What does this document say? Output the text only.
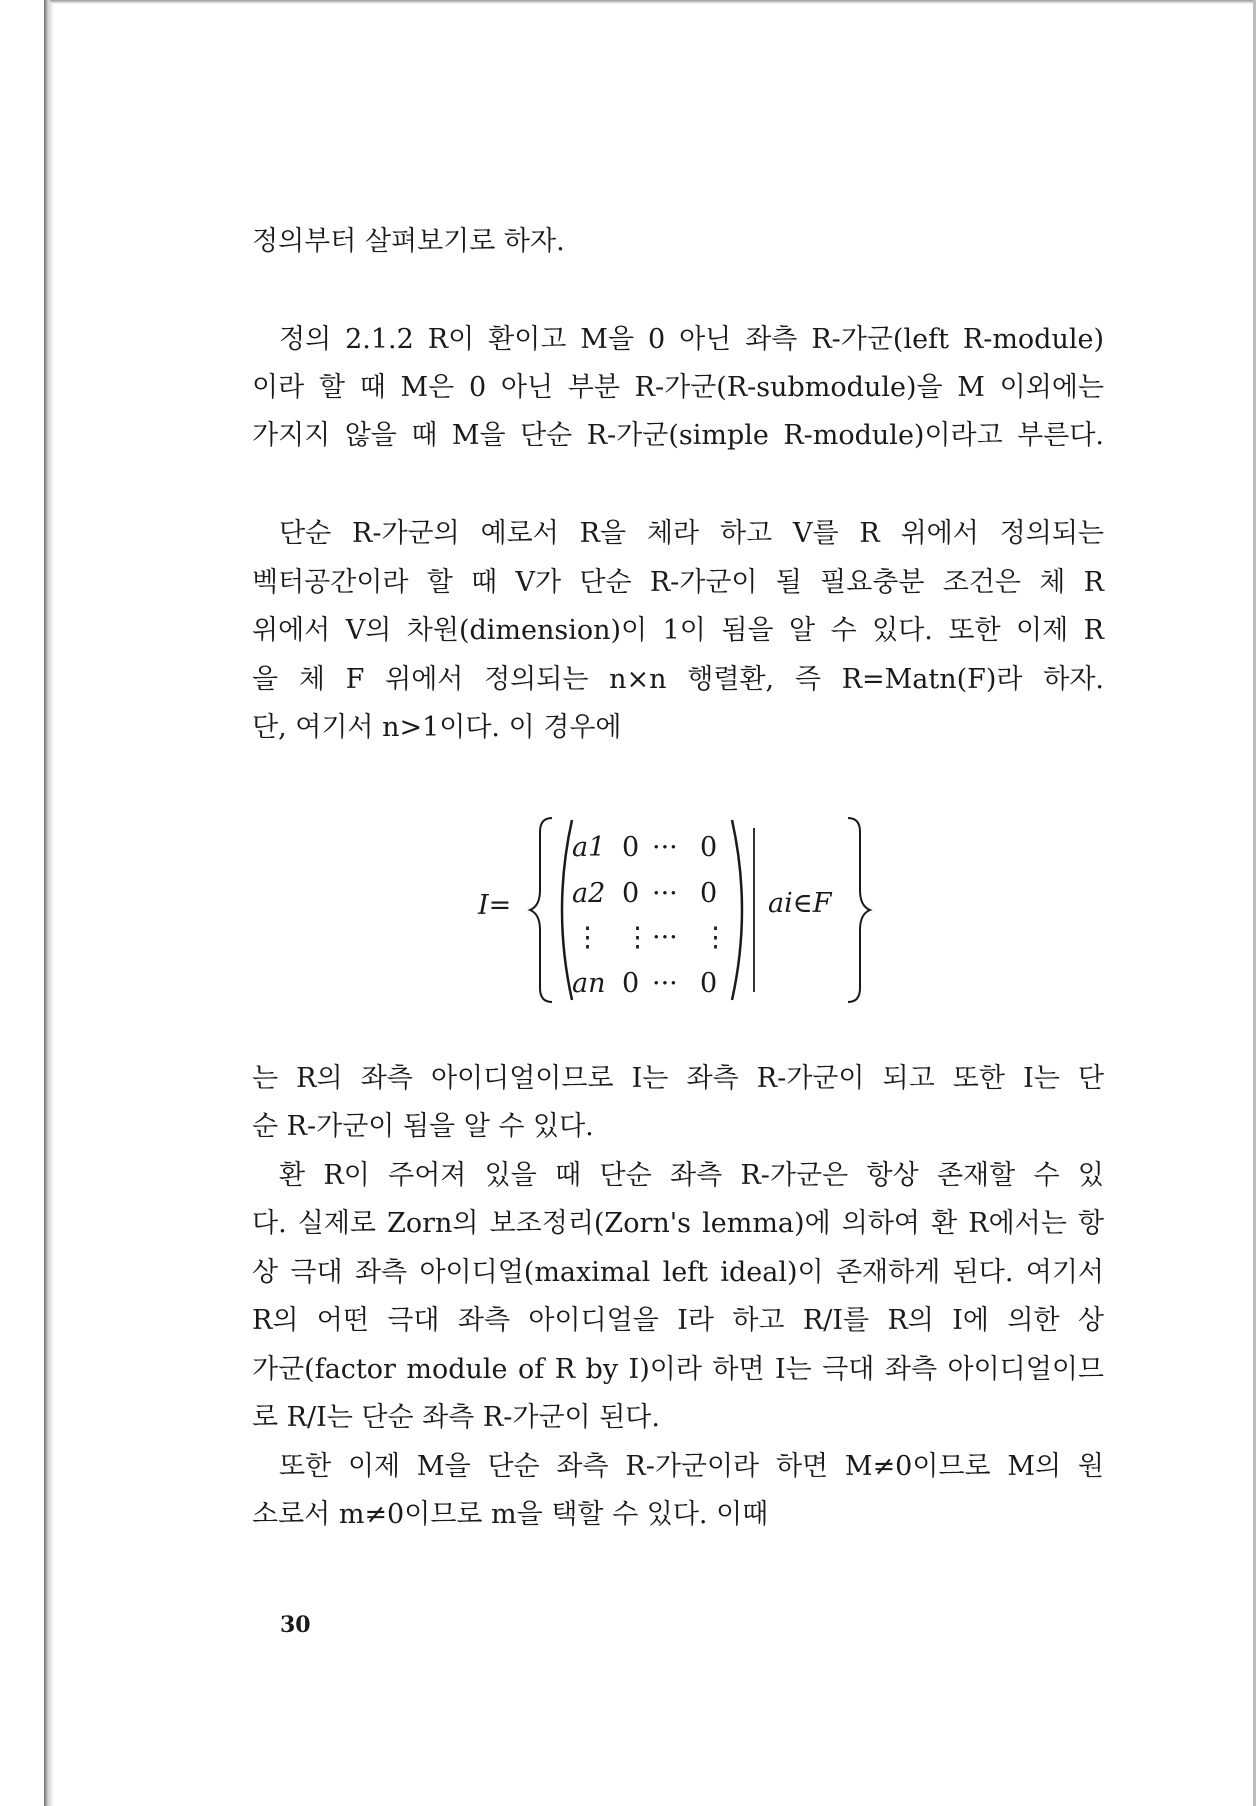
정의부터 살펴보기로 하자.
정의 2.1.2 R이 환이고 M을 0 아닌 좌측 R-가군(left R-module)
이라 할 때 M은 0 아닌 부분 R-가군(R-submodule)을 M 이외에는
가지지 않을 때 M을 단순 R-가군(simple R-module)이라고 부른다.
단순 R-가군의 예로서 R을 체라 하고 V를 R 위에서 정의되는
벡터공간이라 할 때 V가 단순 R-가군이 될 필요충분 조건은 체 R
위에서 V의 차원(dimension)이 1이 됨을 알 수 있다. 또한 이제 R
을 체 F 위에서 정의되는 n×n 행렬환, 즉 R=Matn(F)라 하자.
단, 여기서 n>1이다. 이 경우에
는 R의 좌측 아이디얼이므로 I는 좌측 R-가군이 되고 또한 I는 단
순 R-가군이 됨을 알 수 있다.
환 R이 주어져 있을 때 단순 좌측 R-가군은 항상 존재할 수 있
다. 실제로 Zorn의 보조정리(Zorn's lemma)에 의하여 환 R에서는 항
상 극대 좌측 아이디얼(maximal left ideal)이 존재하게 된다. 여기서
R의 어떤 극대 좌측 아이디얼을 I라 하고 R/I를 R의 I에 의한 상
가군(factor module of R by I)이라 하면 I는 극대 좌측 아이디얼이므
로 R/I는 단순 좌측 R-가군이 된다.
또한 이제 M을 단순 좌측 R-가군이라 하면 M≠0이므로 M의 원
소로서 m≠0이므로 m을 택할 수 있다. 이때
I=
a1 0 ··· 0
a2 0 ··· 0
⋮ ⋮ ··· ⋮
an 0 ··· 0
ai∈F
30
